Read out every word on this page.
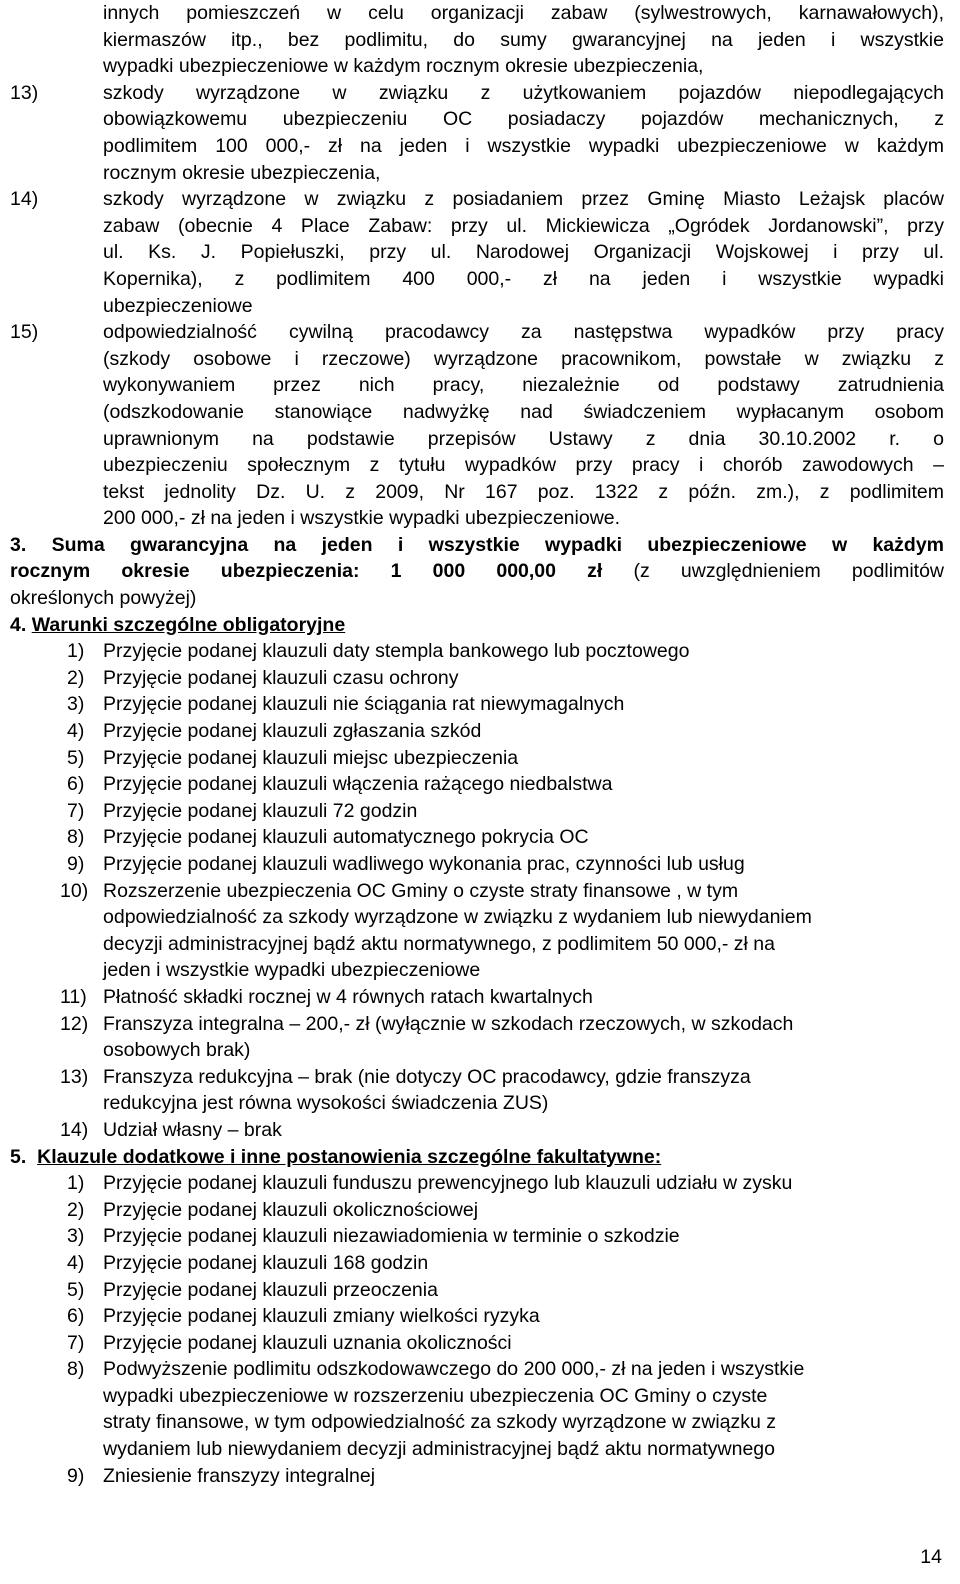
innych pomieszczeń w celu organizacji zabaw (sylwestrowych, karnawałowych),

kiermaszów itp., bez podlimitu, do sumy gwarancyjnej na jeden i wszystkie

wypadki ubezpieczeniowe w każdym rocznym okresie ubezpieczenia,

13)	szkody wyrządzone w związku z użytkowaniem pojazdów niepodlegających

obowiązkowemu ubezpieczeniu OC posiadaczy pojazdów mechanicznych, z

podlimitem 100 000,- zł na jeden i wszystkie wypadki ubezpieczeniowe w każdym

rocznym okresie ubezpieczenia,

14)	szkody wyrządzone w związku z posiadaniem przez Gminę Miasto Leżajsk placów

zabaw (obecnie 4 Place Zabaw: przy ul. Mickiewicza „Ogródek Jordanowski”, przy

ul. Ks. J. Popiełuszki, przy ul. Narodowej Organizacji Wojskowej i przy ul.

Kopernika), z podlimitem 400 000,- zł na jeden i wszystkie wypadki

ubezpieczeniowe

15)	odpowiedzialność cywilną pracodawcy za następstwa wypadków przy pracy

(szkody osobowe i rzeczowe) wyrządzone pracownikom, powstałe w związku z

wykonywaniem przez nich pracy, niezależnie od podstawy zatrudnienia

(odszkodowanie stanowiące nadwyżkę nad świadczeniem wypłacanym osobom

uprawnionym na podstawie przepisów Ustawy z dnia 30.10.2002 r. o

ubezpieczeniu społecznym z tytułu wypadków przy pracy i chorób zawodowych –

tekst jednolity Dz. U. z 2009, Nr 167 poz. 1322 z późn. zm.), z podlimitem

200 000,- zł na jeden i wszystkie wypadki ubezpieczeniowe.

3. Suma gwarancyjna na jeden i wszystkie wypadki ubezpieczeniowe w każdym

rocznym okresie ubezpieczenia: 1 000 000,00 zł (z uwzględnieniem podlimitów

określonych powyżej)

4. Warunki szczególne obligatoryjne

1) Przyjęcie podanej klauzuli daty stempla bankowego lub pocztowego

2) Przyjęcie podanej klauzuli czasu ochrony

3) Przyjęcie podanej klauzuli nie ściągania rat niewymagalnych

4) Przyjęcie podanej klauzuli zgłaszania szkód

5) Przyjęcie podanej klauzuli miejsc ubezpieczenia

6) Przyjęcie podanej klauzuli włączenia rażącego niedbalstwa

7) Przyjęcie podanej klauzuli 72 godzin

8) Przyjęcie podanej klauzuli automatycznego pokrycia OC

9) Przyjęcie podanej klauzuli wadliwego wykonania prac, czynności lub usług

10) Rozszerzenie ubezpieczenia OC Gminy o czyste straty finansowe , w tym

odpowiedzialność za szkody wyrządzone w związku z wydaniem lub niewydaniem

decyzji administracyjnej bądź aktu normatywnego, z podlimitem 50 000,- zł na

jeden i wszystkie wypadki ubezpieczeniowe

11) Płatność składki rocznej w 4 równych ratach kwartalnych

12) Franszyza integralna – 200,- zł (wyłącznie w szkodach rzeczowych, w szkodach

osobowych brak)

13) Franszyza redukcyjna – brak (nie dotyczy OC pracodawcy, gdzie franszyza

redukcyjna jest równa wysokości świadczenia ZUS)

14) Udział własny – brak

5. Klauzule dodatkowe i inne postanowienia szczególne fakultatywne:

1) Przyjęcie podanej klauzuli funduszu prewencyjnego lub klauzuli udziału w zysku

2) Przyjęcie podanej klauzuli okolicznościowej

3) Przyjęcie podanej klauzuli niezawiadomienia w terminie o szkodzie

4) Przyjęcie podanej klauzuli 168 godzin

5) Przyjęcie podanej klauzuli przeoczenia

6) Przyjęcie podanej klauzuli zmiany wielkości ryzyka

7) Przyjęcie podanej klauzuli uznania okoliczności

8) Podwyższenie podlimitu odszkodowawczego do 200 000,- zł na jeden i wszystkie

wypadki ubezpieczeniowe w rozszerzeniu ubezpieczenia OC Gminy o czyste

straty finansowe, w tym odpowiedzialność za szkody wyrządzone w związku z

wydaniem lub niewydaniem decyzji administracyjnej bądź aktu normatywnego

9) Zniesienie franszyzy integralnej

14
